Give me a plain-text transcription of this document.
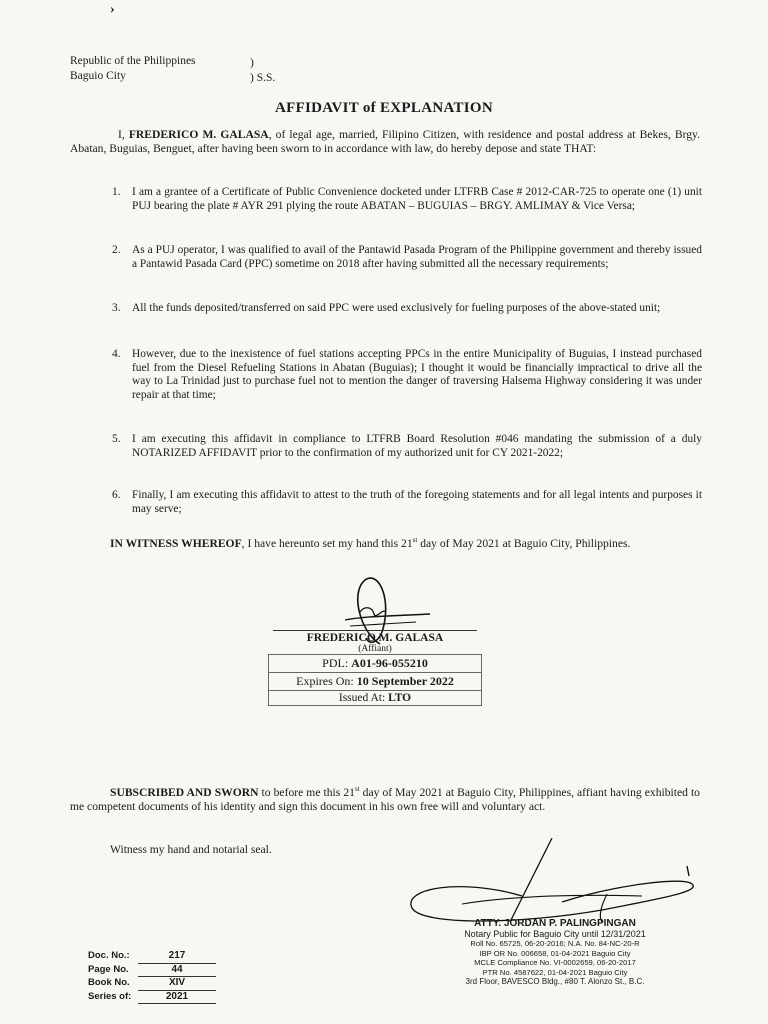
›
Republic of the Philippines
Baguio City
)
) S.S.
AFFIDAVIT of EXPLANATION
I, FREDERICO M. GALASA, of legal age, married, Filipino Citizen, with residence and postal address at Bekes, Brgy. Abatan, Buguias, Benguet, after having been sworn to in accordance with law, do hereby depose and state THAT:
1.	I am a grantee of a Certificate of Public Convenience docketed under LTFRB Case # 2012-CAR-725 to operate one (1) unit PUJ bearing the plate # AYR 291 plying the route ABATAN – BUGUIAS – BRGY. AMLIMAY & Vice Versa;
2.	As a PUJ operator, I was qualified to avail of the Pantawid Pasada Program of the Philippine government and thereby issued a Pantawid Pasada Card (PPC) sometime on 2018 after having submitted all the necessary requirements;
3.	All the funds deposited/transferred on said PPC were used exclusively for fueling purposes of the above-stated unit;
4.	However, due to the inexistence of fuel stations accepting PPCs in the entire Municipality of Buguias, I instead purchased fuel from the Diesel Refueling Stations in Abatan (Buguias); I thought it would be financially impractical to drive all the way to La Trinidad just to purchase fuel not to mention the danger of traversing Halsema Highway considering it was under repair at that time;
5.	I am executing this affidavit in compliance to LTFRB Board Resolution #046 mandating the submission of a duly NOTARIZED AFFIDAVIT prior to the confirmation of my authorized unit for CY 2021-2022;
6.	Finally, I am executing this affidavit to attest to the truth of the foregoing statements and for all legal intents and purposes it may serve;
IN WITNESS WHEREOF, I have hereunto set my hand this 21st day of May 2021 at Baguio City, Philippines.
FREDERICO M. GALASA
(Affiant)
PDL: A01-96-055210
Expires On: 10 September 2022
Issued At: LTO
SUBSCRIBED AND SWORN to before me this 21st day of May 2021 at Baguio City, Philippines, affiant having exhibited to me competent documents of his identity and sign this document in his own free will and voluntary act.
Witness my hand and notarial seal.
ATTY. JORDAN P. PALINGPINGAN
Notary Public for Baguio City until 12/31/2021
Roll No. 65725, 06-20-2016; N.A. No. 84-NC-20-R
IBP OR No. 006658, 01-04-2021 Baguio City
MCLE Compliance No. VI-0002659, 06-20-2017
PTR No. 4587622, 01-04-2021 Baguio City
3rd Floor, BAVESCO Bldg., #80 T. Alonzo St., B.C.
Doc. No.:	217
Page No.	44
Book No.	XIV
Series of:	2021
